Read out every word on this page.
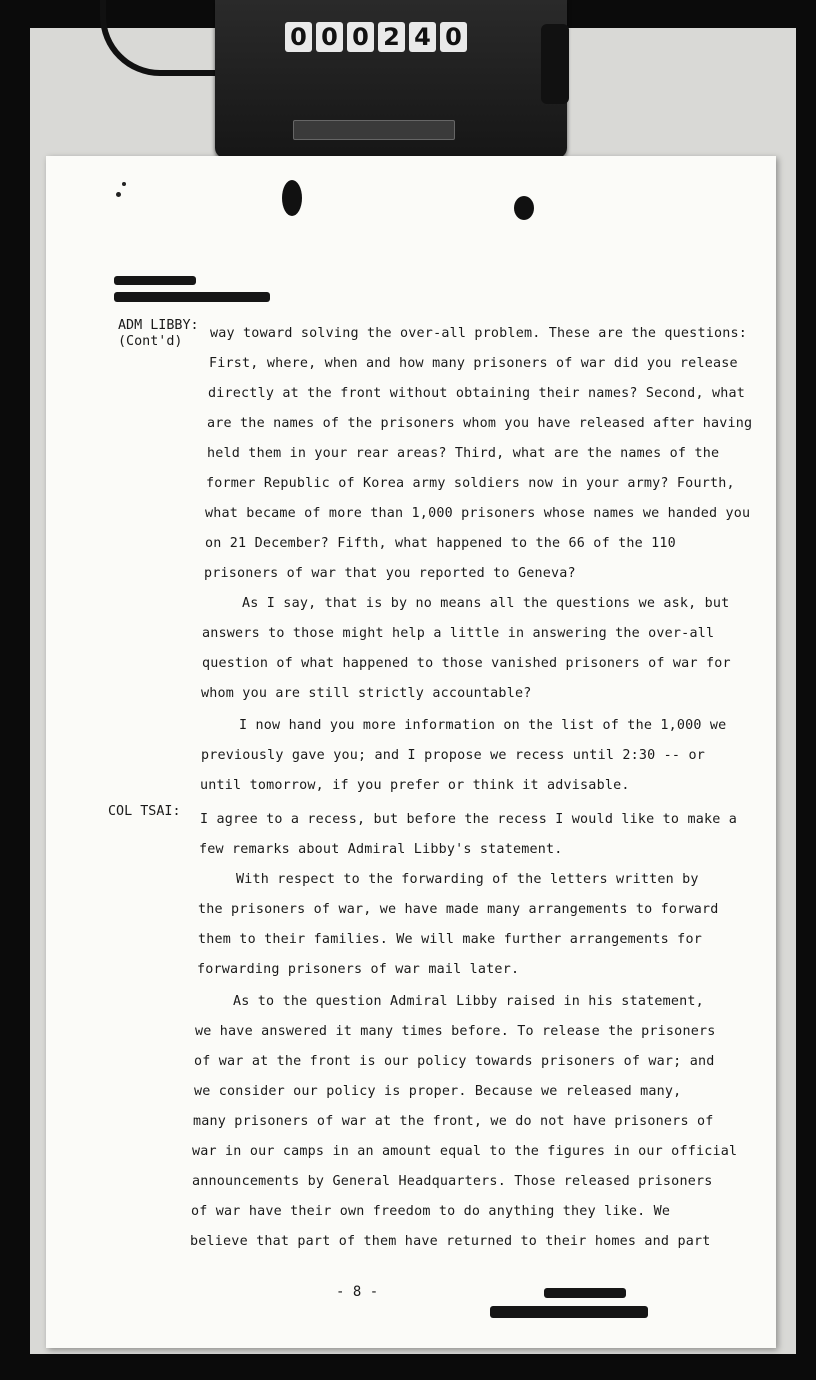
0 0 0 2 4 0
ADM LIBBY:
(Cont'd)
way toward solving the over-all problem. These are the questions:
First, where, when and how many prisoners of war did you release
directly at the front without obtaining their names? Second, what
are the names of the prisoners whom you have released after having
held them in your rear areas? Third, what are the names of the
former Republic of Korea army soldiers now in your army? Fourth,
what became of more than 1,000 prisoners whose names we handed you
on 21 December? Fifth, what happened to the 66 of the 110
prisoners of war that you reported to Geneva?
As I say, that is by no means all the questions we ask, but
answers to those might help a little in answering the over-all
question of what happened to those vanished prisoners of war for
whom you are still strictly accountable?
I now hand you more information on the list of the 1,000 we
previously gave you; and I propose we recess until 2:30 -- or
until tomorrow, if you prefer or think it advisable.
COL TSAI:
I agree to a recess, but before the recess I would like to make a
few remarks about Admiral Libby's statement.
With respect to the forwarding of the letters written by
the prisoners of war, we have made many arrangements to forward
them to their families. We will make further arrangements for
forwarding prisoners of war mail later.
As to the question Admiral Libby raised in his statement,
we have answered it many times before. To release the prisoners
of war at the front is our policy towards prisoners of war; and
we consider our policy is proper. Because we released many,
many prisoners of war at the front, we do not have prisoners of
war in our camps in an amount equal to the figures in our official
announcements by General Headquarters. Those released prisoners
of war have their own freedom to do anything they like. We
believe that part of them have returned to their homes and part
- 8 -
